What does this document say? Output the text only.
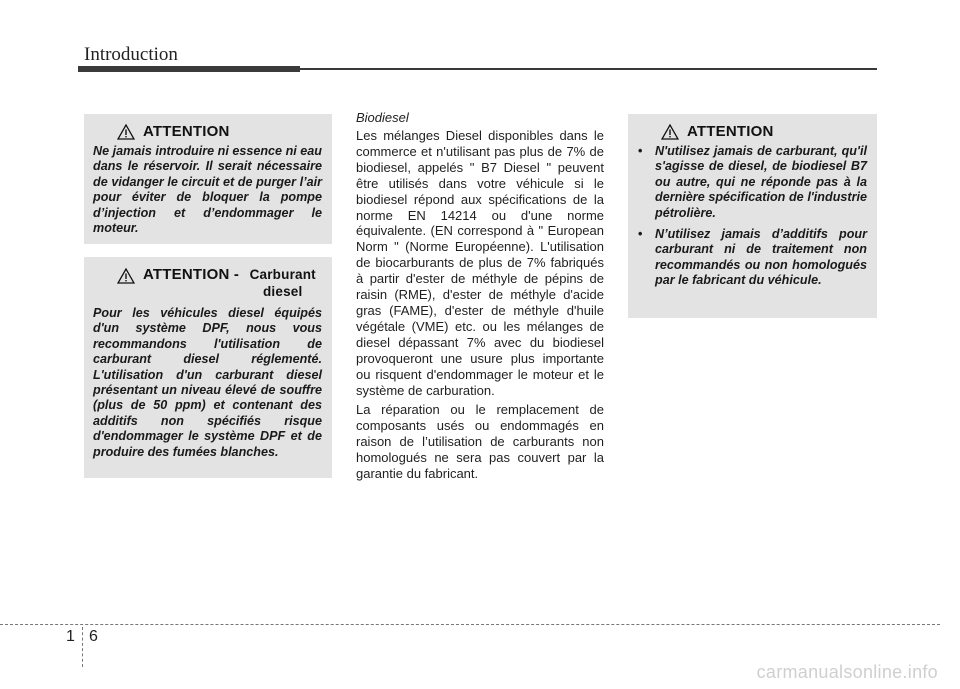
Introduction
ATTENTION
Ne jamais introduire ni essence ni eau dans le réservoir. Il serait nécessaire de vidanger le circuit et de purger l’air pour éviter de bloquer la pompe d’injection et d’endommager le moteur.
ATTENTION - Carburant diesel
Pour les véhicules diesel équipés d'un système DPF, nous vous recommandons l'utilisation de carburant diesel réglementé. L'utilisation d'un carburant diesel présentant un niveau élevé de souffre (plus de 50 ppm) et contenant des additifs non spécifiés risque d'endommager le système DPF et de produire des fumées blanches.
Biodiesel

Les mélanges Diesel disponibles dans le commerce et n'utilisant pas plus de 7% de biodiesel, appelés " B7 Diesel " peuvent être utilisés dans votre véhicule si le biodiesel répond aux spécifications de la norme EN 14214 ou d'une norme équivalente. (EN correspond à " European Norm " (Norme Européenne). L'utilisation de biocarburants de plus de 7% fabriqués à partir d'ester de méthyle de pépins de raisin (RME), d'ester de méthyle d'acide gras (FAME), d'ester de méthyle d'huile végétale (VME) etc. ou les mélanges de diesel dépassant 7% avec du biodiesel provoqueront une usure plus importante ou risquent d'endommager le moteur et le système de carburation.

La réparation ou le remplacement de composants usés ou endommagés en raison de l’utilisation de carburants non homologués ne sera pas couvert par la garantie du fabricant.

ATTENTION
• N'utilisez jamais de carburant, qu'il s'agisse de diesel, de biodiesel B7 ou autre, qui ne réponde pas à la dernière spécification de l'industrie pétrolière.
• N’utilisez jamais d’additifs pour carburant ni de traitement non recommandés ou non homologués par le fabricant du véhicule.
1 6
carmanualsonline.info
